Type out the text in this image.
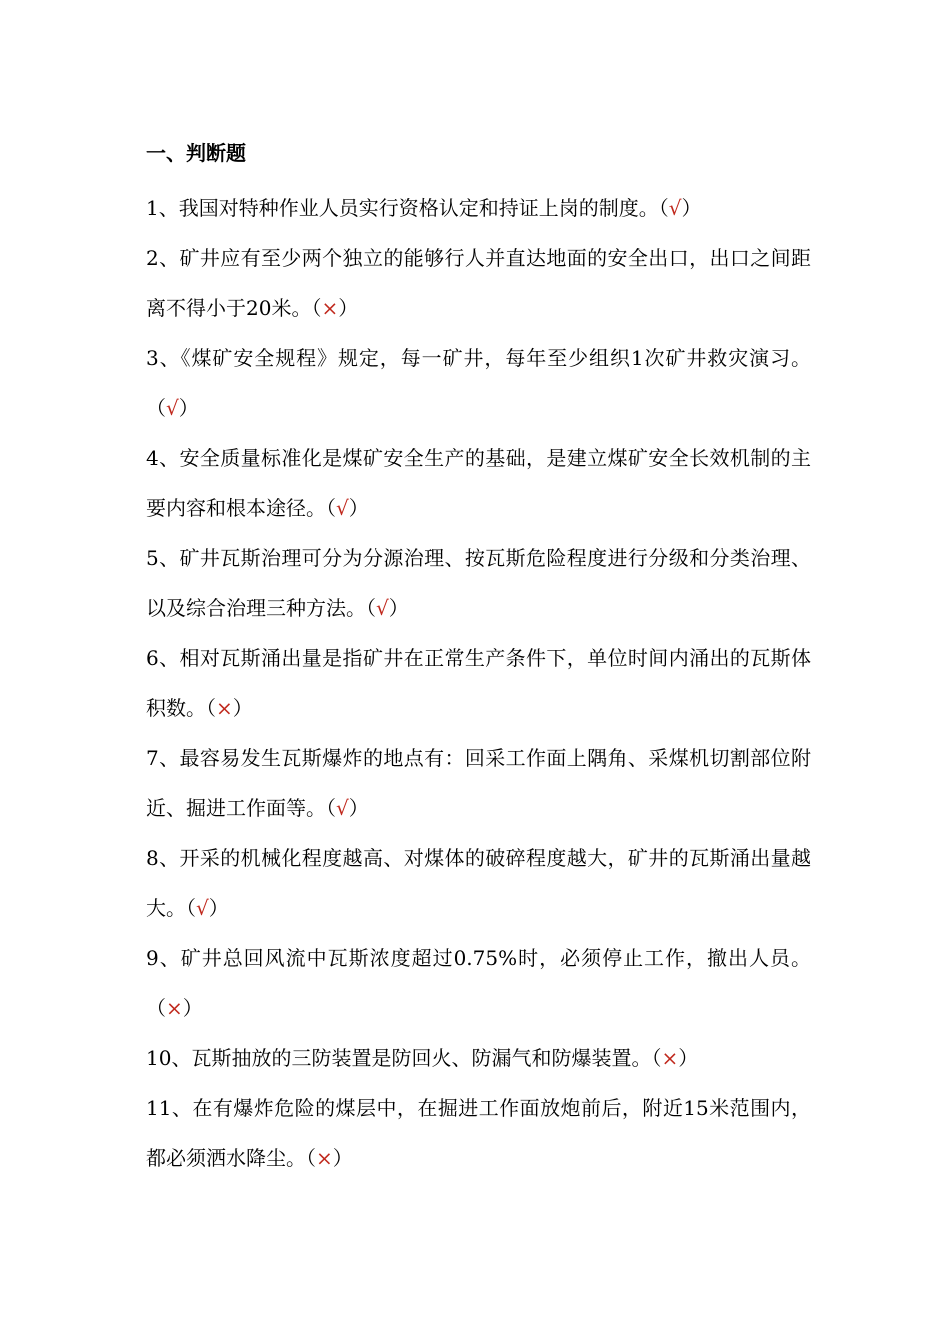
一、判断题

1、我国对特种作业人员实行资格认定和持证上岗的制度。（√）

2、矿井应有至少两个独立的能够行人并直达地面的安全出口，出口之间距离不得小于20米。（×）

3、《煤矿安全规程》规定，每一矿井，每年至少组织1次矿井救灾演习。（√）

4、安全质量标准化是煤矿安全生产的基础，是建立煤矿安全长效机制的主要内容和根本途径。（√）

5、矿井瓦斯治理可分为分源治理、按瓦斯危险程度进行分级和分类治理、以及综合治理三种方法。（√）

6、相对瓦斯涌出量是指矿井在正常生产条件下，单位时间内涌出的瓦斯体积数。（×）

7、最容易发生瓦斯爆炸的地点有：回采工作面上隅角、采煤机切割部位附近、掘进工作面等。（√）

8、开采的机械化程度越高、对煤体的破碎程度越大，矿井的瓦斯涌出量越大。（√）

9、矿井总回风流中瓦斯浓度超过0.75%时，必须停止工作，撤出人员。（×）

10、瓦斯抽放的三防装置是防回火、防漏气和防爆装置。（×）

11、在有爆炸危险的煤层中，在掘进工作面放炮前后，附近15米范围内，都必须洒水降尘。（×）
